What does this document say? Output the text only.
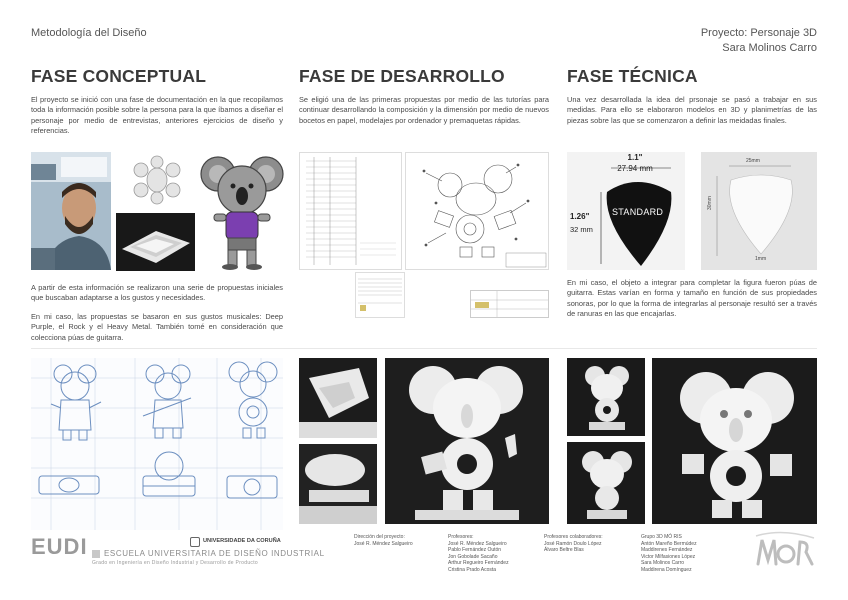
Metodología del Diseño	Proyecto: Personaje 3D
Sara Molinos Carro
FASE CONCEPTUAL	FASE DE DESARROLLO	FASE TÉCNICA
El proyecto se inició con una fase de documentación en la que recopilamos toda la información posible sobre la persona para la que íbamos a diseñar el personaje por medio de entrevistas, anteriores ejercicios de diseño y referencias.
Se eligió una de las primeras propuestas por medio de las tutorías para continuar desarrollando la composición y la dimensión por medio de nuevos bocetos en papel, modelajes por ordenador y premaquetas rápidas.
Una vez desarrollada la idea del prsonaje se pasó a trabajar en sus medidas. Para ello se elaboraron modelos en 3D y planimetrías de las piezas sobre las que se comenzaron a definir las meidadas finales.
A partir de esta información se realizaron una serie de propuestas iniciales que buscaban adaptarse a los gustos y necesidades.
En mi caso, las propuestas se basaron en sus gustos musicales: Deep Purple, el Rock y el Heavy Metal. También tomé en consideración que colecciona púas de guitarra.
1.1"
27.94 mm
1.26"
32 mm
STANDARD
25mm
30mm
1mm
En mi caso, el objeto a integrar para completar la figura fueron púas de guitarra. Estas varían en forma y tamaño en función de sus propiedades sonoras, por lo que la forma de integrarlas al personaje resultó ser a través de ranuras en las que encajarlas.
EUDI	UNIVERSIDADE DA CORUÑA
ESCUELA UNIVERSITARIA DE DISEÑO INDUSTRIAL
Grado en Ingeniería en Diseño Industrial y Desarrollo de Producto
Dirección del proyecto:
José R. Méndez Salgueiro
Profesores:
José R. Méndez Salgueiro
Pablo Fernández Outón
Jon Gobolade Sacaño
Arthur Regueiro Fernández
Cristina Prado Acosta
Profesores colaboradores:
José Ramón Doulo López
Álvaro Beltre Blas
Grupo 3D MÓ RIS
Antón Mareño Bermúdez
Maddirenes Fernández
Victor Milfasiones López
Sara Molinos Carro
Maddirena Domínguez
